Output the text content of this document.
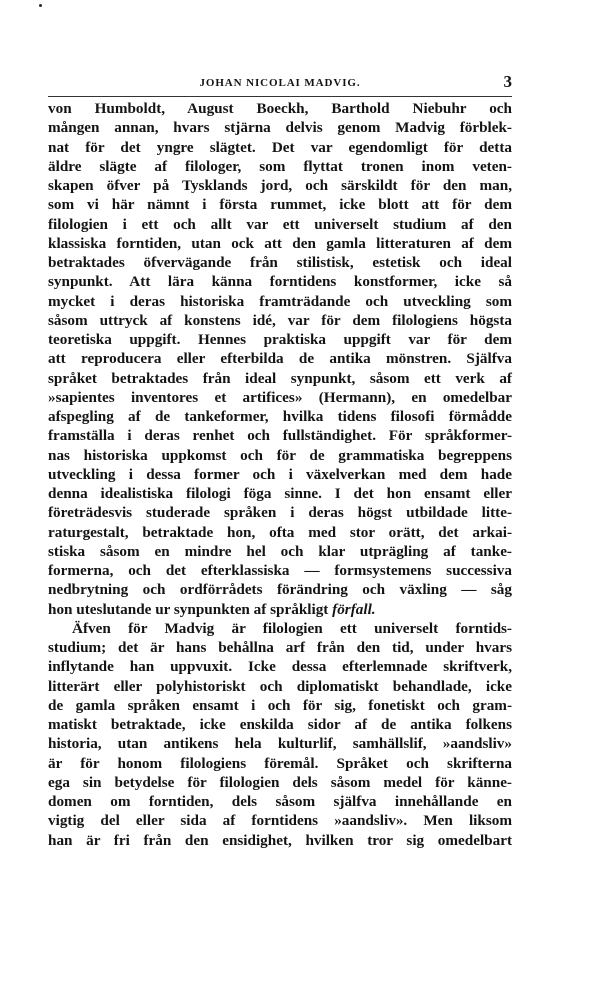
JOHAN NICOLAI MADVIG.	3
von Humboldt, August Boeckh, Barthold Niebuhr och
mången annan, hvars stjärna delvis genom Madvig förblek-
nat för det yngre slägtet. Det var egendomligt för detta
äldre slägte af filologer, som flyttat tronen inom veten-
skapen öfver på Tysklands jord, och särskildt för den man,
som vi här nämnt i första rummet, icke blott att för dem
filologien i ett och allt var ett universelt studium af den
klassiska forntiden, utan ock att den gamla litteraturen af dem
betraktades öfvervägande från stilistisk, estetisk och ideal
synpunkt. Att lära känna forntidens konstformer, icke så
mycket i deras historiska framträdande och utveckling som
såsom uttryck af konstens idé, var för dem filologiens högsta
teoretiska uppgift. Hennes praktiska uppgift var för dem
att reproducera eller efterbilda de antika mönstren. Själfva
språket betraktades från ideal synpunkt, såsom ett verk af
»sapientes inventores et artifices» (Hermann), en omedelbar
afspegling af de tankeformer, hvilka tidens filosofi förmådde
framställa i deras renhet och fullständighet. För språkformer-
nas historiska uppkomst och för de grammatiska begreppens
utveckling i dessa former och i växelverkan med dem hade
denna idealistiska filologi föga sinne. I det hon ensamt eller
företrädesvis studerade språken i deras högst utbildade litte-
raturgestalt, betraktade hon, ofta med stor orätt, det arkai-
stiska såsom en mindre hel och klar utprägling af tanke-
formerna, och det efterklassiska — formsystemens successiva
nedbrytning och ordförrådets förändring och växling — såg
hon uteslutande ur synpunkten af språkligt förfall.
Äfven för Madvig är filologien ett universelt forntids-
studium; det är hans behållna arf från den tid, under hvars
inflytande han uppvuxit. Icke dessa efterlemnade skriftverk,
litterärt eller polyhistoriskt och diplomatiskt behandlade, icke
de gamla språken ensamt i och för sig, fonetiskt och gram-
matiskt betraktade, icke enskilda sidor af de antika folkens
historia, utan antikens hela kulturlif, samhällslif, »aandsliv»
är för honom filologiens föremål. Språket och skrifterna
ega sin betydelse för filologien dels såsom medel för känne-
domen om forntiden, dels såsom själfva innehållande en
vigtig del eller sida af forntidens »aandsliv». Men liksom
han är fri från den ensidighet, hvilken tror sig omedelbart
